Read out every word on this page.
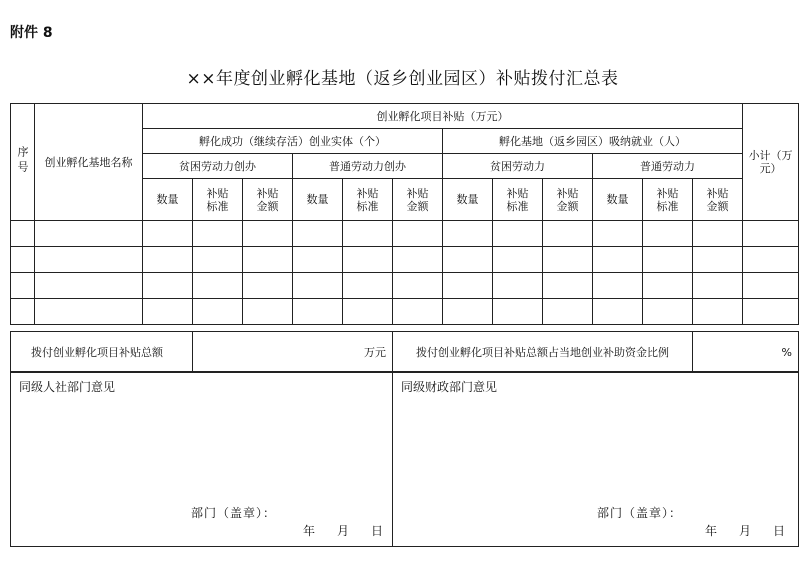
附件 8
××年度创业孵化基地（返乡创业园区）补贴拨付汇总表
序号	创业孵化基地名称	创业孵化项目补贴（万元）												小计（万元）
		孵化成功（继续存活）创业实体（个）						孵化基地（返乡园区）吸纳就业（人）						
		贫困劳动力创办			普通劳动力创办			贫困劳动力			普通劳动力			
		数量	补贴标准	补贴金额	数量	补贴标准	补贴金额	数量	补贴标准	补贴金额	数量	补贴标准	补贴金额	

拨付创业孵化项目补贴总额	万元	拨付创业孵化项目补贴总额占当地创业补助资金比例	%
同级人社部门意见
部门（盖章）：
年 月 日

同级财政部门意见
部门（盖章）：
年 月 日
